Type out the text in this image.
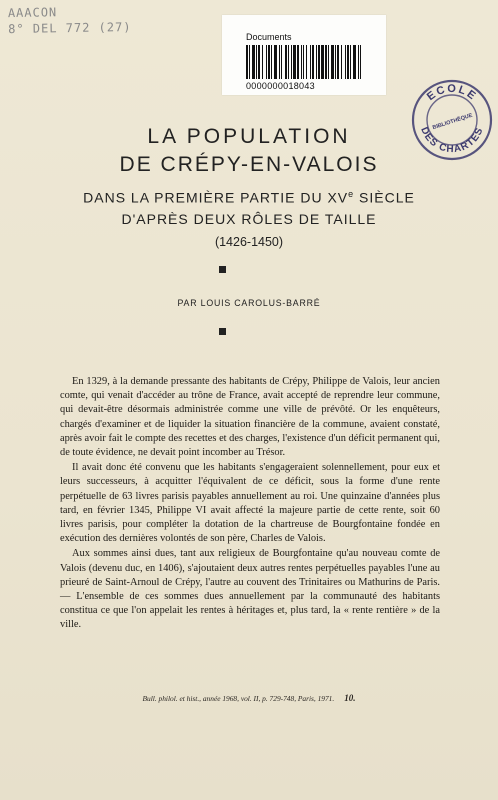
AAACON
8° DEL 772 (27)
Documents
0000000018043
ECOLE
DES CHARTES
BIBLIOTHÈQUE
LA POPULATION
DE CRÉPY-EN-VALOIS
DANS LA PREMIÈRE PARTIE DU XVe SIÈCLE
D'APRÈS DEUX RÔLES DE TAILLE
(1426-1450)
PAR LOUIS CAROLUS-BARRÉ

En 1329, à la demande pressante des habitants de Crépy, Philippe de Valois, leur ancien comte, qui venait d'accéder au trône de France, avait accepté de reprendre leur commune, qui devait-être désormais administrée comme une ville de prévôté. Or les enquêteurs, chargés d'examiner et de liquider la situation financière de la commune, avaient constaté, après avoir fait le compte des recettes et des charges, l'existence d'un déficit permanent qui, de toute évidence, ne devait point incomber au Trésor.

Il avait donc été convenu que les habitants s'engageraient solennellement, pour eux et leurs successeurs, à acquitter l'équivalent de ce déficit, sous la forme d'une rente perpétuelle de 63 livres parisis payables annuellement au roi. Une quinzaine d'années plus tard, en février 1345, Philippe VI avait affecté la majeure partie de cette rente, soit 60 livres parisis, pour compléter la dotation de la chartreuse de Bourgfontaine fondée en exécution des dernières volontés de son père, Charles de Valois.

Aux sommes ainsi dues, tant aux religieux de Bourgfontaine qu'au nouveau comte de Valois (devenu duc, en 1406), s'ajoutaient deux autres rentes perpétuelles payables l'une au prieuré de Saint-Arnoul de Crépy, l'autre au couvent des Trinitaires ou Mathurins de Paris. — L'ensemble de ces sommes dues annuellement par la communauté des habitants constitua ce que l'on appelait les rentes à héritages et, plus tard, la « rente rentière » de la ville.

Bull. philol. et hist., année 1968, vol. II, p. 729-748, Paris, 1971. 10.
